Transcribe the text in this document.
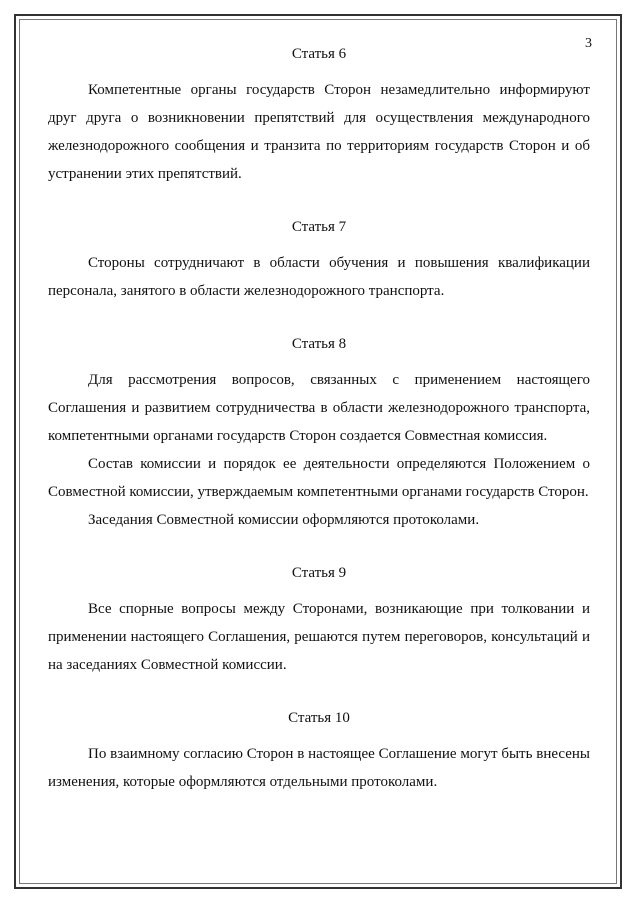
3
Статья 6

Компетентные органы государств Сторон незамедлительно информируют друг друга о возникновении препятствий для осуществления международного железнодорожного сообщения и транзита по территориям государств Сторон и об устранении этих препятствий.

Статья 7

Стороны сотрудничают в области обучения и повышения квалификации персонала, занятого в области железнодорожного транспорта.

Статья 8

Для рассмотрения вопросов, связанных с применением настоящего Соглашения и развитием сотрудничества в области железнодорожного транспорта, компетентными органами государств Сторон создается Совместная комиссия.

Состав комиссии и порядок ее деятельности определяются Положением о Совместной комиссии, утверждаемым компетентными органами государств Сторон.

Заседания Совместной комиссии оформляются протоколами.

Статья 9

Все спорные вопросы между Сторонами, возникающие при толковании и применении настоящего Соглашения, решаются путем переговоров, консультаций и на заседаниях Совместной комиссии.

Статья 10

По взаимному согласию Сторон в настоящее Соглашение могут быть внесены изменения, которые оформляются отдельными протоколами.
